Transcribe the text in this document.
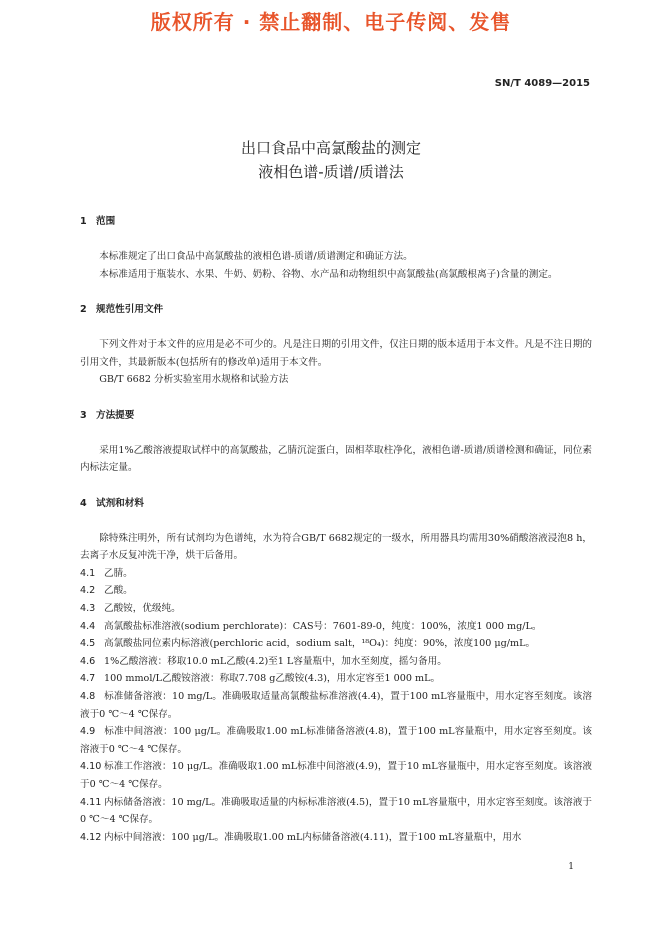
版权所有 · 禁止翻制、电子传阅、发售
SN/T 4089—2015
出口食品中高氯酸盐的测定
液相色谱-质谱/质谱法
1 范围
本标准规定了出口食品中高氯酸盐的液相色谱-质谱/质谱测定和确证方法。
本标准适用于瓶装水、水果、牛奶、奶粉、谷物、水产品和动物组织中高氯酸盐(高氯酸根离子)含量的测定。
2 规范性引用文件
下列文件对于本文件的应用是必不可少的。凡是注日期的引用文件，仅注日期的版本适用于本文件。凡是不注日期的引用文件，其最新版本(包括所有的修改单)适用于本文件。
GB/T 6682 分析实验室用水规格和试验方法
3 方法提要
采用1%乙酸溶液提取试样中的高氯酸盐，乙腈沉淀蛋白，固相萃取柱净化，液相色谱-质谱/质谱检测和确证，同位素内标法定量。
4 试剂和材料
除特殊注明外，所有试剂均为色谱纯，水为符合GB/T 6682规定的一级水，所用器具均需用30%硝酸溶液浸泡8 h，去离子水反复冲洗干净，烘干后备用。
4.1 乙腈。
4.2 乙酸。
4.3 乙酸铵，优级纯。
4.4 高氯酸盐标准溶液(sodium perchlorate)：CAS号：7601-89-0，纯度：100%，浓度1 000 mg/L。
4.5 高氯酸盐同位素内标溶液(perchloric acid，sodium salt，¹⁸O₄)：纯度：90%，浓度100 μg/mL。
4.6 1%乙酸溶液：移取10.0 mL乙酸(4.2)至1 L容量瓶中，加水至刻度，摇匀备用。
4.7 100 mmol/L乙酸铵溶液：称取7.708 g乙酸铵(4.3)，用水定容至1 000 mL。
4.8 标准储备溶液：10 mg/L。准确吸取适量高氯酸盐标准溶液(4.4)，置于100 mL容量瓶中，用水定容至刻度。该溶液于0 ℃～4 ℃保存。
4.9 标准中间溶液：100 μg/L。准确吸取1.00 mL标准储备溶液(4.8)，置于100 mL容量瓶中，用水定容至刻度。该溶液于0 ℃～4 ℃保存。
4.10 标准工作溶液：10 μg/L。准确吸取1.00 mL标准中间溶液(4.9)，置于10 mL容量瓶中，用水定容至刻度。该溶液于0 ℃～4 ℃保存。
4.11 内标储备溶液：10 mg/L。准确吸取适量的内标标准溶液(4.5)，置于10 mL容量瓶中，用水定容至刻度。该溶液于0 ℃～4 ℃保存。
4.12 内标中间溶液：100 μg/L。准确吸取1.00 mL内标储备溶液(4.11)，置于100 mL容量瓶中，用水
1
